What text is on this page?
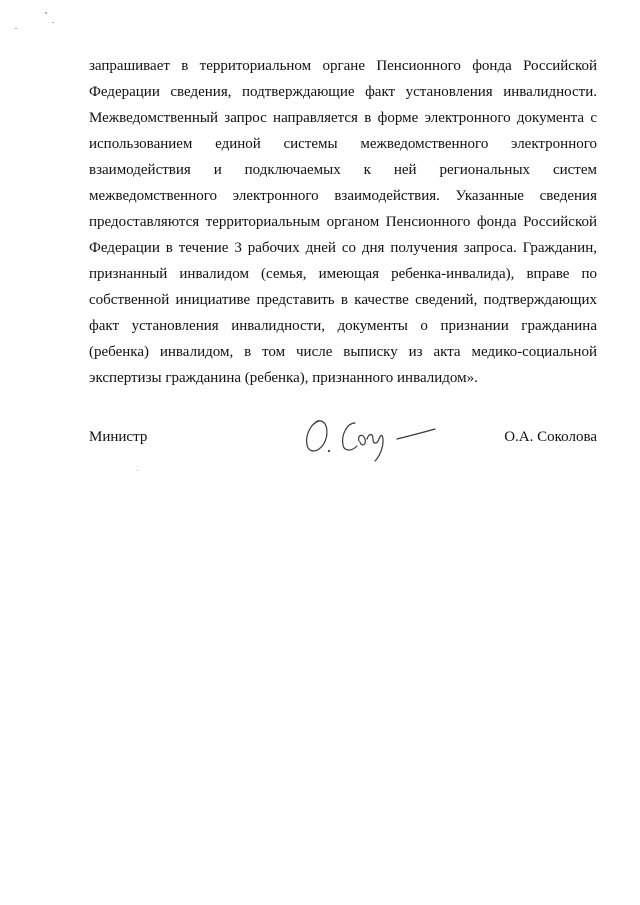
запрашивает в территориальном органе Пенсионного фонда Российской
Федерации сведения, подтверждающие факт установления инвалидности.
Межведомственный запрос направляется в форме электронного документа с
использованием единой системы межведомственного электронного
взаимодействия и подключаемых к ней региональных систем
межведомственного электронного взаимодействия. Указанные сведения
предоставляются территориальным органом Пенсионного фонда Российской
Федерации в течение 3 рабочих дней со дня получения запроса. Гражданин,
признанный инвалидом (семья, имеющая ребенка-инвалида), вправе по
собственной инициативе представить в качестве сведений, подтверждающих
факт установления инвалидности, документы о признании гражданина
(ребенка) инвалидом, в том числе выписку из акта медико-социальной
экспертизы гражданина (ребенка), признанного инвалидом».
Министр	О.А. Соколова
